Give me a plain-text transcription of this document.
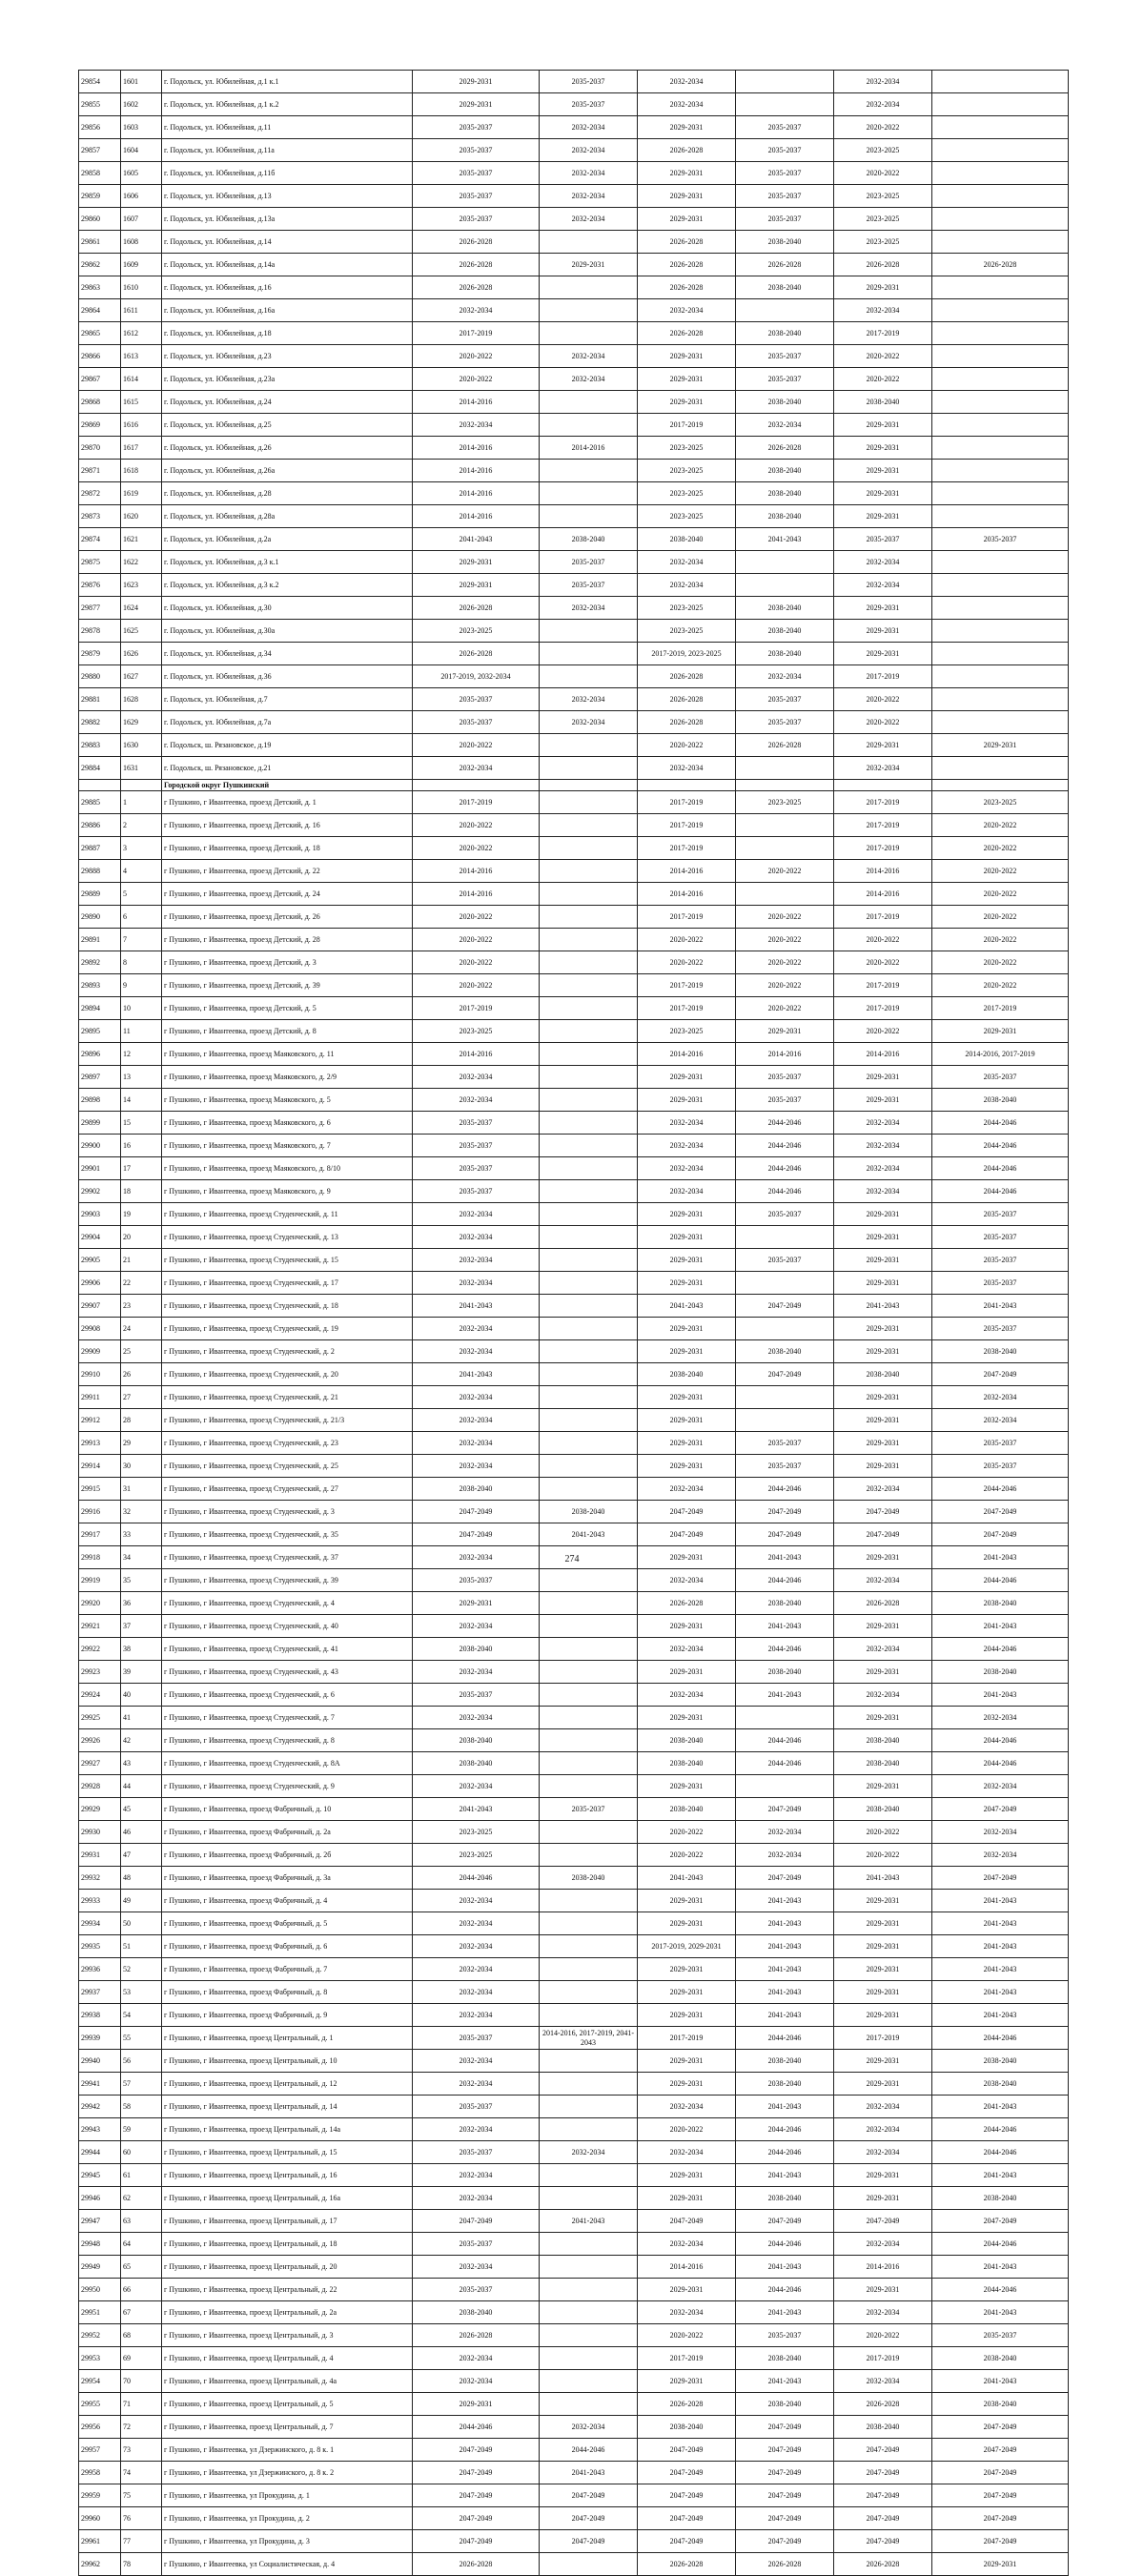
29854	1601	г. Подольск, ул. Юбилейная, д.1 к.1	2029-2031	2035-2037	2032-2034		2032-2034	
29855	1602	г. Подольск, ул. Юбилейная, д.1 к.2	2029-2031	2035-2037	2032-2034		2032-2034	
29856	1603	г. Подольск, ул. Юбилейная, д.11	2035-2037	2032-2034	2029-2031	2035-2037	2020-2022	
29857	1604	г. Подольск, ул. Юбилейная, д.11а	2035-2037	2032-2034	2026-2028	2035-2037	2023-2025	
29858	1605	г. Подольск, ул. Юбилейная, д.11б	2035-2037	2032-2034	2029-2031	2035-2037	2020-2022	
29859	1606	г. Подольск, ул. Юбилейная, д.13	2035-2037	2032-2034	2029-2031	2035-2037	2023-2025	
29860	1607	г. Подольск, ул. Юбилейная, д.13а	2035-2037	2032-2034	2029-2031	2035-2037	2023-2025	
29861	1608	г. Подольск, ул. Юбилейная, д.14	2026-2028		2026-2028	2038-2040	2023-2025	
29862	1609	г. Подольск, ул. Юбилейная, д.14а	2026-2028	2029-2031	2026-2028	2026-2028	2026-2028	2026-2028
29863	1610	г. Подольск, ул. Юбилейная, д.16	2026-2028		2026-2028	2038-2040	2029-2031	
29864	1611	г. Подольск, ул. Юбилейная, д.16а	2032-2034		2032-2034		2032-2034	
29865	1612	г. Подольск, ул. Юбилейная, д.18	2017-2019		2026-2028	2038-2040	2017-2019	
29866	1613	г. Подольск, ул. Юбилейная, д.23	2020-2022	2032-2034	2029-2031	2035-2037	2020-2022	
29867	1614	г. Подольск, ул. Юбилейная, д.23а	2020-2022	2032-2034	2029-2031	2035-2037	2020-2022	
29868	1615	г. Подольск, ул. Юбилейная, д.24	2014-2016		2029-2031	2038-2040	2038-2040	
29869	1616	г. Подольск, ул. Юбилейная, д.25	2032-2034		2017-2019	2032-2034	2029-2031	
29870	1617	г. Подольск, ул. Юбилейная, д.26	2014-2016	2014-2016	2023-2025	2026-2028	2029-2031	
29871	1618	г. Подольск, ул. Юбилейная, д.26а	2014-2016		2023-2025	2038-2040	2029-2031	
29872	1619	г. Подольск, ул. Юбилейная, д.28	2014-2016		2023-2025	2038-2040	2029-2031	
29873	1620	г. Подольск, ул. Юбилейная, д.28а	2014-2016		2023-2025	2038-2040	2029-2031	
29874	1621	г. Подольск, ул. Юбилейная, д.2а	2041-2043	2038-2040	2038-2040	2041-2043	2035-2037	2035-2037
29875	1622	г. Подольск, ул. Юбилейная, д.3 к.1	2029-2031	2035-2037	2032-2034		2032-2034	
29876	1623	г. Подольск, ул. Юбилейная, д.3 к.2	2029-2031	2035-2037	2032-2034		2032-2034	
29877	1624	г. Подольск, ул. Юбилейная, д.30	2026-2028	2032-2034	2023-2025	2038-2040	2029-2031	
29878	1625	г. Подольск, ул. Юбилейная, д.30а	2023-2025		2023-2025	2038-2040	2029-2031	
29879	1626	г. Подольск, ул. Юбилейная, д.34	2026-2028		2017-2019, 2023-2025	2038-2040	2029-2031	
29880	1627	г. Подольск, ул. Юбилейная, д.36	2017-2019, 2032-2034		2026-2028	2032-2034	2017-2019	
29881	1628	г. Подольск, ул. Юбилейная, д.7	2035-2037	2032-2034	2026-2028	2035-2037	2020-2022	
29882	1629	г. Подольск, ул. Юбилейная, д.7а	2035-2037	2032-2034	2026-2028	2035-2037	2020-2022	
29883	1630	г. Подольск, ш. Рязановское, д.19	2020-2022		2020-2022	2026-2028	2029-2031	2029-2031
29884	1631	г. Подольск, ш. Рязановское, д.21	2032-2034		2032-2034		2032-2034	
		Городской округ Пушкинский						
29885	1	г Пушкино, г Ивантеевка, проезд Детский, д. 1	2017-2019		2017-2019	2023-2025	2017-2019	2023-2025
29886	2	г Пушкино, г Ивантеевка, проезд Детский, д. 16	2020-2022		2017-2019		2017-2019	2020-2022
29887	3	г Пушкино, г Ивантеевка, проезд Детский, д. 18	2020-2022		2017-2019		2017-2019	2020-2022
29888	4	г Пушкино, г Ивантеевка, проезд Детский, д. 22	2014-2016		2014-2016	2020-2022	2014-2016	2020-2022
29889	5	г Пушкино, г Ивантеевка, проезд Детский, д. 24	2014-2016		2014-2016		2014-2016	2020-2022
29890	6	г Пушкино, г Ивантеевка, проезд Детский, д. 26	2020-2022		2017-2019	2020-2022	2017-2019	2020-2022
29891	7	г Пушкино, г Ивантеевка, проезд Детский, д. 28	2020-2022		2020-2022	2020-2022	2020-2022	2020-2022
29892	8	г Пушкино, г Ивантеевка, проезд Детский, д. 3	2020-2022		2020-2022	2020-2022	2020-2022	2020-2022
29893	9	г Пушкино, г Ивантеевка, проезд Детский, д. 39	2020-2022		2017-2019	2020-2022	2017-2019	2020-2022
29894	10	г Пушкино, г Ивантеевка, проезд Детский, д. 5	2017-2019		2017-2019	2020-2022	2017-2019	2017-2019
29895	11	г Пушкино, г Ивантеевка, проезд Детский, д. 8	2023-2025		2023-2025	2029-2031	2020-2022	2029-2031
29896	12	г Пушкино, г Ивантеевка, проезд Маяковского, д. 11	2014-2016		2014-2016	2014-2016	2014-2016	2014-2016, 2017-2019
29897	13	г Пушкино, г Ивантеевка, проезд Маяковского, д. 2/9	2032-2034		2029-2031	2035-2037	2029-2031	2035-2037
29898	14	г Пушкино, г Ивантеевка, проезд Маяковского, д. 5	2032-2034		2029-2031	2035-2037	2029-2031	2038-2040
29899	15	г Пушкино, г Ивантеевка, проезд Маяковского, д. 6	2035-2037		2032-2034	2044-2046	2032-2034	2044-2046
29900	16	г Пушкино, г Ивантеевка, проезд Маяковского, д. 7	2035-2037		2032-2034	2044-2046	2032-2034	2044-2046
29901	17	г Пушкино, г Ивантеевка, проезд Маяковского, д. 8/10	2035-2037		2032-2034	2044-2046	2032-2034	2044-2046
29902	18	г Пушкино, г Ивантеевка, проезд Маяковского, д. 9	2035-2037		2032-2034	2044-2046	2032-2034	2044-2046
29903	19	г Пушкино, г Ивантеевка, проезд Студенческий, д. 11	2032-2034		2029-2031	2035-2037	2029-2031	2035-2037
29904	20	г Пушкино, г Ивантеевка, проезд Студенческий, д. 13	2032-2034		2029-2031		2029-2031	2035-2037
29905	21	г Пушкино, г Ивантеевка, проезд Студенческий, д. 15	2032-2034		2029-2031	2035-2037	2029-2031	2035-2037
29906	22	г Пушкино, г Ивантеевка, проезд Студенческий, д. 17	2032-2034		2029-2031		2029-2031	2035-2037
29907	23	г Пушкино, г Ивантеевка, проезд Студенческий, д. 18	2041-2043		2041-2043	2047-2049	2041-2043	2041-2043
29908	24	г Пушкино, г Ивантеевка, проезд Студенческий, д. 19	2032-2034		2029-2031		2029-2031	2035-2037
29909	25	г Пушкино, г Ивантеевка, проезд Студенческий, д. 2	2032-2034		2029-2031	2038-2040	2029-2031	2038-2040
29910	26	г Пушкино, г Ивантеевка, проезд Студенческий, д. 20	2041-2043		2038-2040	2047-2049	2038-2040	2047-2049
29911	27	г Пушкино, г Ивантеевка, проезд Студенческий, д. 21	2032-2034		2029-2031		2029-2031	2032-2034
29912	28	г Пушкино, г Ивантеевка, проезд Студенческий, д. 21/3	2032-2034		2029-2031		2029-2031	2032-2034
29913	29	г Пушкино, г Ивантеевка, проезд Студенческий, д. 23	2032-2034		2029-2031	2035-2037	2029-2031	2035-2037
29914	30	г Пушкино, г Ивантеевка, проезд Студенческий, д. 25	2032-2034		2029-2031	2035-2037	2029-2031	2035-2037
29915	31	г Пушкино, г Ивантеевка, проезд Студенческий, д. 27	2038-2040		2032-2034	2044-2046	2032-2034	2044-2046
29916	32	г Пушкино, г Ивантеевка, проезд Студенческий, д. 3	2047-2049	2038-2040	2047-2049	2047-2049	2047-2049	2047-2049
29917	33	г Пушкино, г Ивантеевка, проезд Студенческий, д. 35	2047-2049	2041-2043	2047-2049	2047-2049	2047-2049	2047-2049
29918	34	г Пушкино, г Ивантеевка, проезд Студенческий, д. 37	2032-2034		2029-2031	2041-2043	2029-2031	2041-2043
29919	35	г Пушкино, г Ивантеевка, проезд Студенческий, д. 39	2035-2037		2032-2034	2044-2046	2032-2034	2044-2046
29920	36	г Пушкино, г Ивантеевка, проезд Студенческий, д. 4	2029-2031		2026-2028	2038-2040	2026-2028	2038-2040
29921	37	г Пушкино, г Ивантеевка, проезд Студенческий, д. 40	2032-2034		2029-2031	2041-2043	2029-2031	2041-2043
29922	38	г Пушкино, г Ивантеевка, проезд Студенческий, д. 41	2038-2040		2032-2034	2044-2046	2032-2034	2044-2046
29923	39	г Пушкино, г Ивантеевка, проезд Студенческий, д. 43	2032-2034		2029-2031	2038-2040	2029-2031	2038-2040
29924	40	г Пушкино, г Ивантеевка, проезд Студенческий, д. 6	2035-2037		2032-2034	2041-2043	2032-2034	2041-2043
29925	41	г Пушкино, г Ивантеевка, проезд Студенческий, д. 7	2032-2034		2029-2031		2029-2031	2032-2034
29926	42	г Пушкино, г Ивантеевка, проезд Студенческий, д. 8	2038-2040		2038-2040	2044-2046	2038-2040	2044-2046
29927	43	г Пушкино, г Ивантеевка, проезд Студенческий, д. 8А	2038-2040		2038-2040	2044-2046	2038-2040	2044-2046
29928	44	г Пушкино, г Ивантеевка, проезд Студенческий, д. 9	2032-2034		2029-2031		2029-2031	2032-2034
29929	45	г Пушкино, г Ивантеевка, проезд Фабричный, д. 10	2041-2043	2035-2037	2038-2040	2047-2049	2038-2040	2047-2049
29930	46	г Пушкино, г Ивантеевка, проезд Фабричный, д. 2а	2023-2025		2020-2022	2032-2034	2020-2022	2032-2034
29931	47	г Пушкино, г Ивантеевка, проезд Фабричный, д. 2б	2023-2025		2020-2022	2032-2034	2020-2022	2032-2034
29932	48	г Пушкино, г Ивантеевка, проезд Фабричный, д. 3а	2044-2046	2038-2040	2041-2043	2047-2049	2041-2043	2047-2049
29933	49	г Пушкино, г Ивантеевка, проезд Фабричный, д. 4	2032-2034		2029-2031	2041-2043	2029-2031	2041-2043
29934	50	г Пушкино, г Ивантеевка, проезд Фабричный, д. 5	2032-2034		2029-2031	2041-2043	2029-2031	2041-2043
29935	51	г Пушкино, г Ивантеевка, проезд Фабричный, д. 6	2032-2034		2017-2019, 2029-2031	2041-2043	2029-2031	2041-2043
29936	52	г Пушкино, г Ивантеевка, проезд Фабричный, д. 7	2032-2034		2029-2031	2041-2043	2029-2031	2041-2043
29937	53	г Пушкино, г Ивантеевка, проезд Фабричный, д. 8	2032-2034		2029-2031	2041-2043	2029-2031	2041-2043
29938	54	г Пушкино, г Ивантеевка, проезд Фабричный, д. 9	2032-2034		2029-2031	2041-2043	2029-2031	2041-2043
29939	55	г Пушкино, г Ивантеевка, проезд Центральный, д. 1	2035-2037	2014-2016, 2017-2019, 2041-2043	2017-2019	2044-2046	2017-2019	2044-2046
29940	56	г Пушкино, г Ивантеевка, проезд Центральный, д. 10	2032-2034		2029-2031	2038-2040	2029-2031	2038-2040
29941	57	г Пушкино, г Ивантеевка, проезд Центральный, д. 12	2032-2034		2029-2031	2038-2040	2029-2031	2038-2040
29942	58	г Пушкино, г Ивантеевка, проезд Центральный, д. 14	2035-2037		2032-2034	2041-2043	2032-2034	2041-2043
29943	59	г Пушкино, г Ивантеевка, проезд Центральный, д. 14а	2032-2034		2020-2022	2044-2046	2032-2034	2044-2046
29944	60	г Пушкино, г Ивантеевка, проезд Центральный, д. 15	2035-2037	2032-2034	2032-2034	2044-2046	2032-2034	2044-2046
29945	61	г Пушкино, г Ивантеевка, проезд Центральный, д. 16	2032-2034		2029-2031	2041-2043	2029-2031	2041-2043
29946	62	г Пушкино, г Ивантеевка, проезд Центральный, д. 16а	2032-2034		2029-2031	2038-2040	2029-2031	2038-2040
29947	63	г Пушкино, г Ивантеевка, проезд Центральный, д. 17	2047-2049	2041-2043	2047-2049	2047-2049	2047-2049	2047-2049
29948	64	г Пушкино, г Ивантеевка, проезд Центральный, д. 18	2035-2037		2032-2034	2044-2046	2032-2034	2044-2046
29949	65	г Пушкино, г Ивантеевка, проезд Центральный, д. 20	2032-2034		2014-2016	2041-2043	2014-2016	2041-2043
29950	66	г Пушкино, г Ивантеевка, проезд Центральный, д. 22	2035-2037		2029-2031	2044-2046	2029-2031	2044-2046
29951	67	г Пушкино, г Ивантеевка, проезд Центральный, д. 2а	2038-2040		2032-2034	2041-2043	2032-2034	2041-2043
29952	68	г Пушкино, г Ивантеевка, проезд Центральный, д. 3	2026-2028		2020-2022	2035-2037	2020-2022	2035-2037
29953	69	г Пушкино, г Ивантеевка, проезд Центральный, д. 4	2032-2034		2017-2019	2038-2040	2017-2019	2038-2040
29954	70	г Пушкино, г Ивантеевка, проезд Центральный, д. 4а	2032-2034		2029-2031	2041-2043	2032-2034	2041-2043
29955	71	г Пушкино, г Ивантеевка, проезд Центральный, д. 5	2029-2031		2026-2028	2038-2040	2026-2028	2038-2040
29956	72	г Пушкино, г Ивантеевка, проезд Центральный, д. 7	2044-2046	2032-2034	2038-2040	2047-2049	2038-2040	2047-2049
29957	73	г Пушкино, г Ивантеевка, ул Дзержинского, д. 8 к. 1	2047-2049	2044-2046	2047-2049	2047-2049	2047-2049	2047-2049
29958	74	г Пушкино, г Ивантеевка, ул Дзержинского, д. 8 к. 2	2047-2049	2041-2043	2047-2049	2047-2049	2047-2049	2047-2049
29959	75	г Пушкино, г Ивантеевка, ул Прокудина, д. 1	2047-2049	2047-2049	2047-2049	2047-2049	2047-2049	2047-2049
29960	76	г Пушкино, г Ивантеевка, ул Прокудина, д. 2	2047-2049	2047-2049	2047-2049	2047-2049	2047-2049	2047-2049
29961	77	г Пушкино, г Ивантеевка, ул Прокудина, д. 3	2047-2049	2047-2049	2047-2049	2047-2049	2047-2049	2047-2049
29962	78	г Пушкино, г Ивантеевка, ул Социалистическая, д. 4	2026-2028		2026-2028	2026-2028	2026-2028	2029-2031
274
